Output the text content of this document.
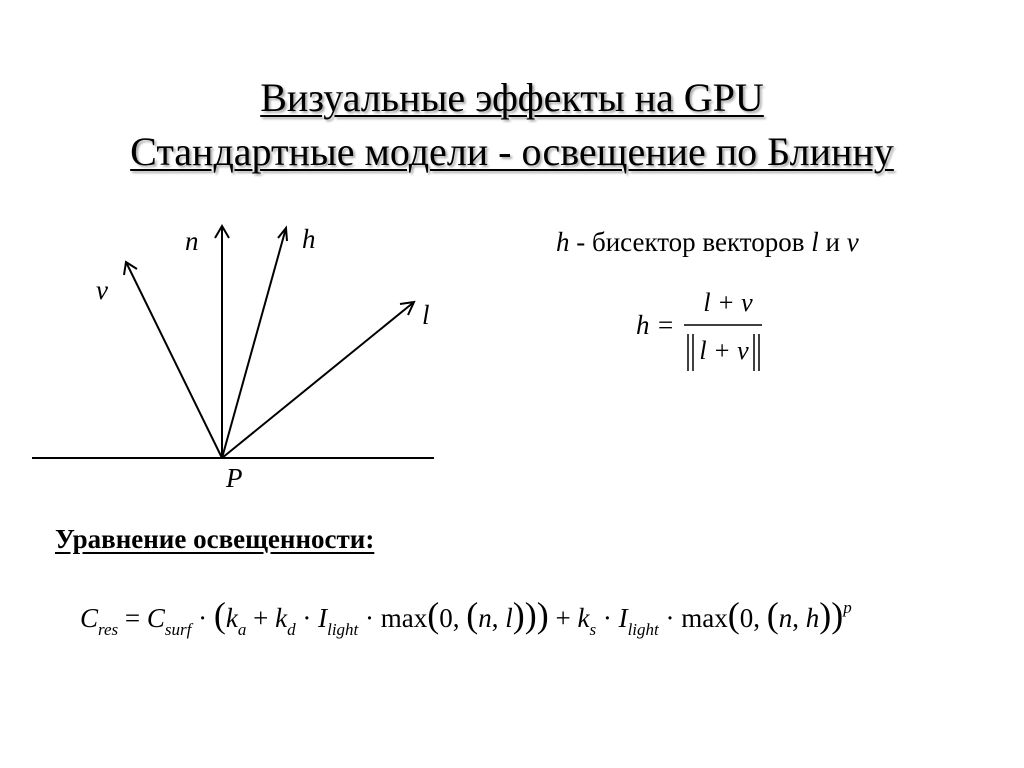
Визуальные эффекты на GPU
Стандартные модели - освещение по Блинну
n	h
v
l
P
h - бисектор векторов l и v
h =
l + v
l + v
Уравнение освещенности:
$C_{res} = C_{surf} \cdot (k_a + k_d \cdot I_{light} \cdot \max(0$, (n, $l))) + k_s \cdot I_{light} \cdot \max(0$, (n, h))$^p$
